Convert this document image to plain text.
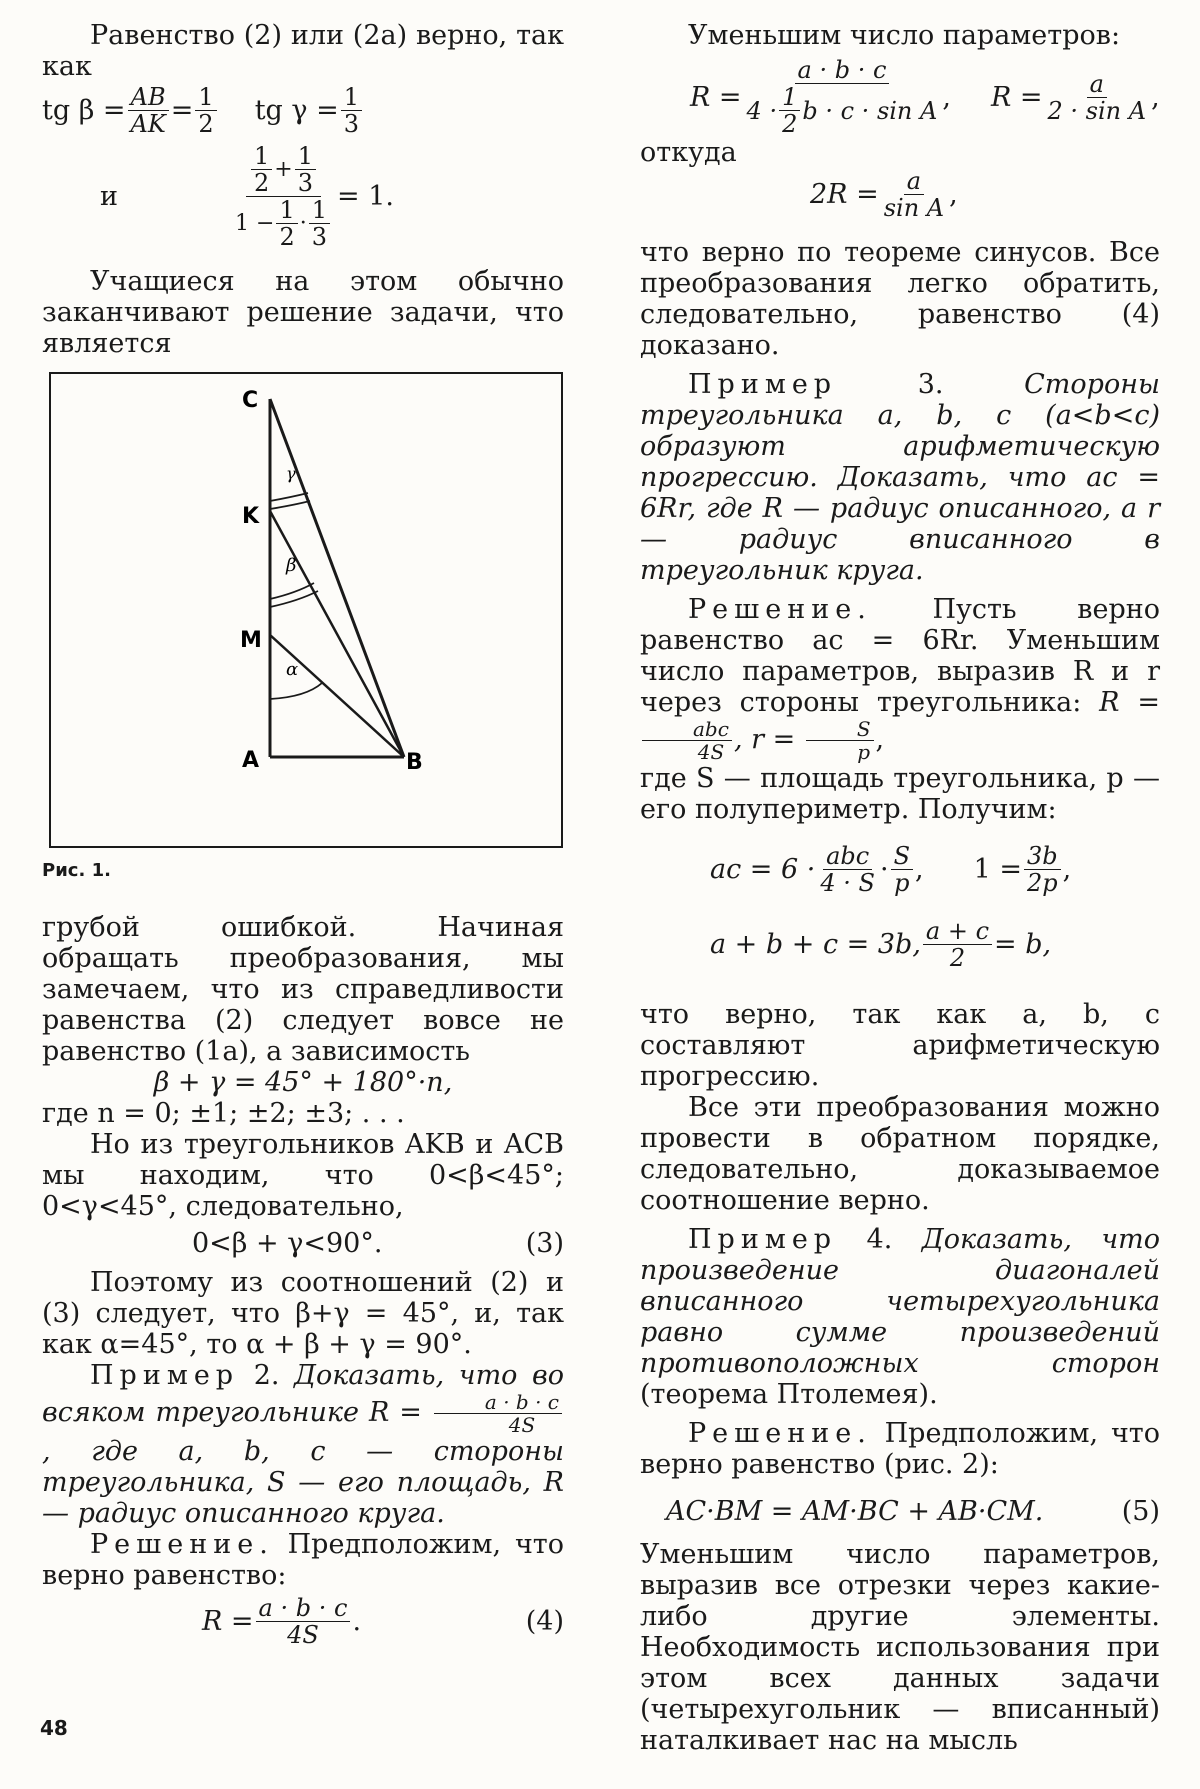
Равенство (2) или (2a) верно, так как

tg $\beta = \frac{AB}{AK} = \frac{1}{2}$ tg $\gamma = \frac{1}{3}$
и	$\frac{\frac{1}{2} + \frac{1}{3}}{1 - \frac{1}{2} \cdot \frac{1}{3}} = 1$.

Учащиеся на этом обычно заканчивают решение задачи, что является

C
K
M
A	B
α
β
γ
Рис. 1.

грубой ошибкой. Начиная обращать преобразования, мы замечаем, что из справедливости равенства (2) следует вовсе не равенство (1a), а зависимость

β + γ = 45° + 180°·n,

где n = 0; ±1; ±2; ±3; . . .

Но из треугольников AKB и ACB мы находим, что 0<β<45°; 0<γ<45°, следовательно,

0<β + γ<90°.	(3)

Поэтому из соотношений (2) и (3) следует, что β+γ = 45°, и, так как α=45°, то α + β + γ = 90°.

Пример 2. Доказать, что во всяком треугольнике $R = \frac{a \cdot b \cdot c}{4S}$
, где a, b, c — стороны треугольника, S — его площадь, R — радиус описанного круга.

Решение. Предположим, что верно равенство:

$R = \frac{a \cdot b \cdot c}{4S}$ .	(4)

Уменьшим число параметров:

$R = \frac{a \cdot b \cdot c}{4 \cdot \frac{1}{2} b \cdot c \cdot \sin A}$ , $R = \frac{a}{\text{2 · sin A}}$ ,

откуда

$2R = \frac{a}{\text{sin A}}$ ,

что верно по теореме синусов. Все преобразования легко обратить, следовательно, равенство (4) доказано.

Пример	3.	Стороны треугольника a, b, c (a<b<c) образуют арифметическую прогрессию. Доказать, что ac = 6Rr, где R — радиус описанного, а r — радиус вписанного в треугольник круга.

Решение. Пусть верно равенство ac = 6Rr. Уменьшим число параметров, выразив R и r через стороны треугольника: R =
$\frac{\text{abc}}{4S}$ , $r = \frac{S}{p}$ ,

где S — площадь треугольника, p — его полупериметр. Получим:

ac = $6 \cdot \frac{\text{abc}}{4 \cdot S} \cdot \frac{S}{p}$ , $1 = \frac{3b}{2p}$ ,
a + b + c = 3b, $\frac{a + c}{2} = b$,

что верно, так как a, b, c составляют арифметическую прогрессию.

Все эти преобразования можно провести в обратном порядке, следовательно, доказываемое соотношение верно.

Пример 4. Доказать, что произведение диагоналей вписанного четырехугольника равно сумме произведений противоположных сторон (теорема Птолемея).

Решение. Предположим, что верно равенство (рис. 2):

AC·BM = AM·BC + AB·CM.	(5)

Уменьшим число параметров, выразив все отрезки через какие-либо другие элементы. Необходимость использования при этом всех данных задачи (четырехугольник — вписанный) наталкивает нас на мысль

48
